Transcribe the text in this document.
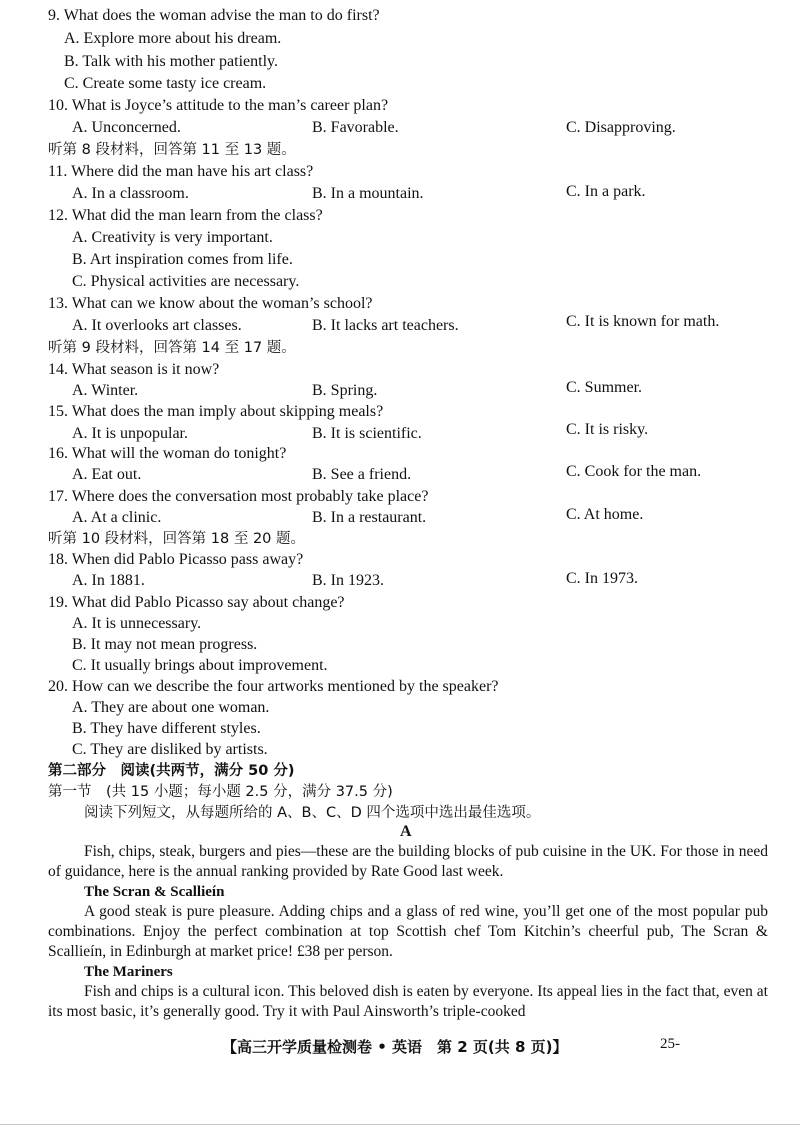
9. What does the woman advise the man to do first?
A. Explore more about his dream.
B. Talk with his mother patiently.
C. Create some tasty ice cream.
10. What is Joyce’s attitude to the man’s career plan?
A. Unconcerned.	B. Favorable.	C. Disapproving.
听第 8 段材料，回答第 11 至 13 题。
11. Where did the man have his art class?
A. In a classroom.	B. In a mountain.	C. In a park.
12. What did the man learn from the class?
A. Creativity is very important.
B. Art inspiration comes from life.
C. Physical activities are necessary.
13. What can we know about the woman’s school?
A. It overlooks art classes.	B. It lacks art teachers.	C. It is known for math.
听第 9 段材料，回答第 14 至 17 题。
14. What season is it now?
A. Winter.	B. Spring.	C. Summer.
15. What does the man imply about skipping meals?
A. It is unpopular.	B. It is scientific.	C. It is risky.
16. What will the woman do tonight?
A. Eat out.	B. See a friend.	C. Cook for the man.
17. Where does the conversation most probably take place?
A. At a clinic.	B. In a restaurant.	C. At home.
听第 10 段材料，回答第 18 至 20 题。
18. When did Pablo Picasso pass away?
A. In 1881.	B. In 1923.	C. In 1973.
19. What did Pablo Picasso say about change?
A. It is unnecessary.
B. It may not mean progress.
C. It usually brings about improvement.
20. How can we describe the four artworks mentioned by the speaker?
A. They are about one woman.
B. They have different styles.
C. They are disliked by artists.
第二部分　阅读(共两节，满分 50 分)
第一节　(共 15 小题；每小题 2.5 分，满分 37.5 分)
阅读下列短文，从每题所给的 A、B、C、D 四个选项中选出最佳选项。
A
Fish, chips, steak, burgers and pies—these are the building blocks of pub cuisine in the UK. For those in need of guidance, here is the annual ranking provided by Rate Good last week.
The Scran & Scallieín
A good steak is pure pleasure. Adding chips and a glass of red wine, you’ll get one of the most popular pub combinations. Enjoy the perfect combination at top Scottish chef Tom Kitchin’s cheerful pub, The Scran & Scallieín, in Edinburgh at market price! £38 per person.
The Mariners
Fish and chips is a cultural icon. This beloved dish is eaten by everyone. Its appeal lies in the fact that, even at its most basic, it’s generally good. Try it with Paul Ainsworth’s triple-cooked
【高三开学质量检测卷 • 英语　第 2 页(共 8 页)】	25-
